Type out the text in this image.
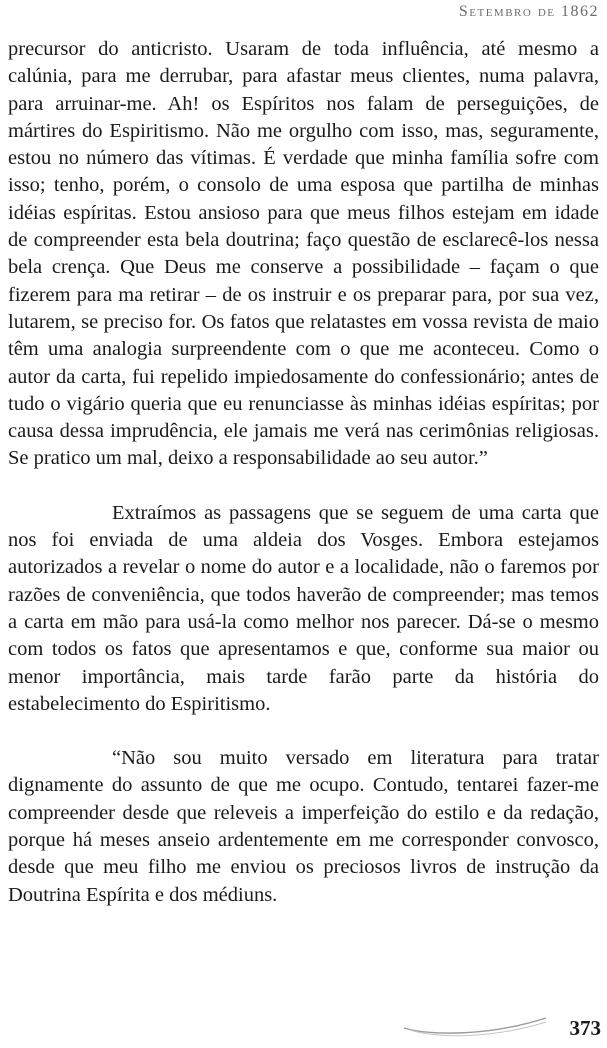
Setembro de 1862

precursor do anticristo. Usaram de toda influência, até mesmo a calúnia, para me derrubar, para afastar meus clientes, numa palavra, para arruinar-me. Ah! os Espíritos nos falam de perseguições, de mártires do Espiritismo. Não me orgulho com isso, mas, seguramente, estou no número das vítimas. É verdade que minha família sofre com isso; tenho, porém, o consolo de uma esposa que partilha de minhas idéias espíritas. Estou ansioso para que meus filhos estejam em idade de compreender esta bela doutrina; faço questão de esclarecê-los nessa bela crença. Que Deus me conserve a possibilidade – façam o que fizerem para ma retirar – de os instruir e os preparar para, por sua vez, lutarem, se preciso for. Os fatos que relatastes em vossa revista de maio têm uma analogia surpreendente com o que me aconteceu. Como o autor da carta, fui repelido impiedosamente do confessionário; antes de tudo o vigário queria que eu renunciasse às minhas idéias espíritas; por causa dessa imprudência, ele jamais me verá nas cerimônias religiosas. Se pratico um mal, deixo a responsabilidade ao seu autor.”

Extraímos as passagens que se seguem de uma carta que nos foi enviada de uma aldeia dos Vosges. Embora estejamos autorizados a revelar o nome do autor e a localidade, não o faremos por razões de conveniência, que todos haverão de compreender; mas temos a carta em mão para usá-la como melhor nos parecer. Dá-se o mesmo com todos os fatos que apresentamos e que, conforme sua maior ou menor importância, mais tarde farão parte da história do estabelecimento do Espiritismo.

“Não sou muito versado em literatura para tratar dignamente do assunto de que me ocupo. Contudo, tentarei fazer-me compreender desde que releveis a imperfeição do estilo e da redação, porque há meses anseio ardentemente em me corresponder convosco, desde que meu filho me enviou os preciosos livros de instrução da Doutrina Espírita e dos médiuns.

373
